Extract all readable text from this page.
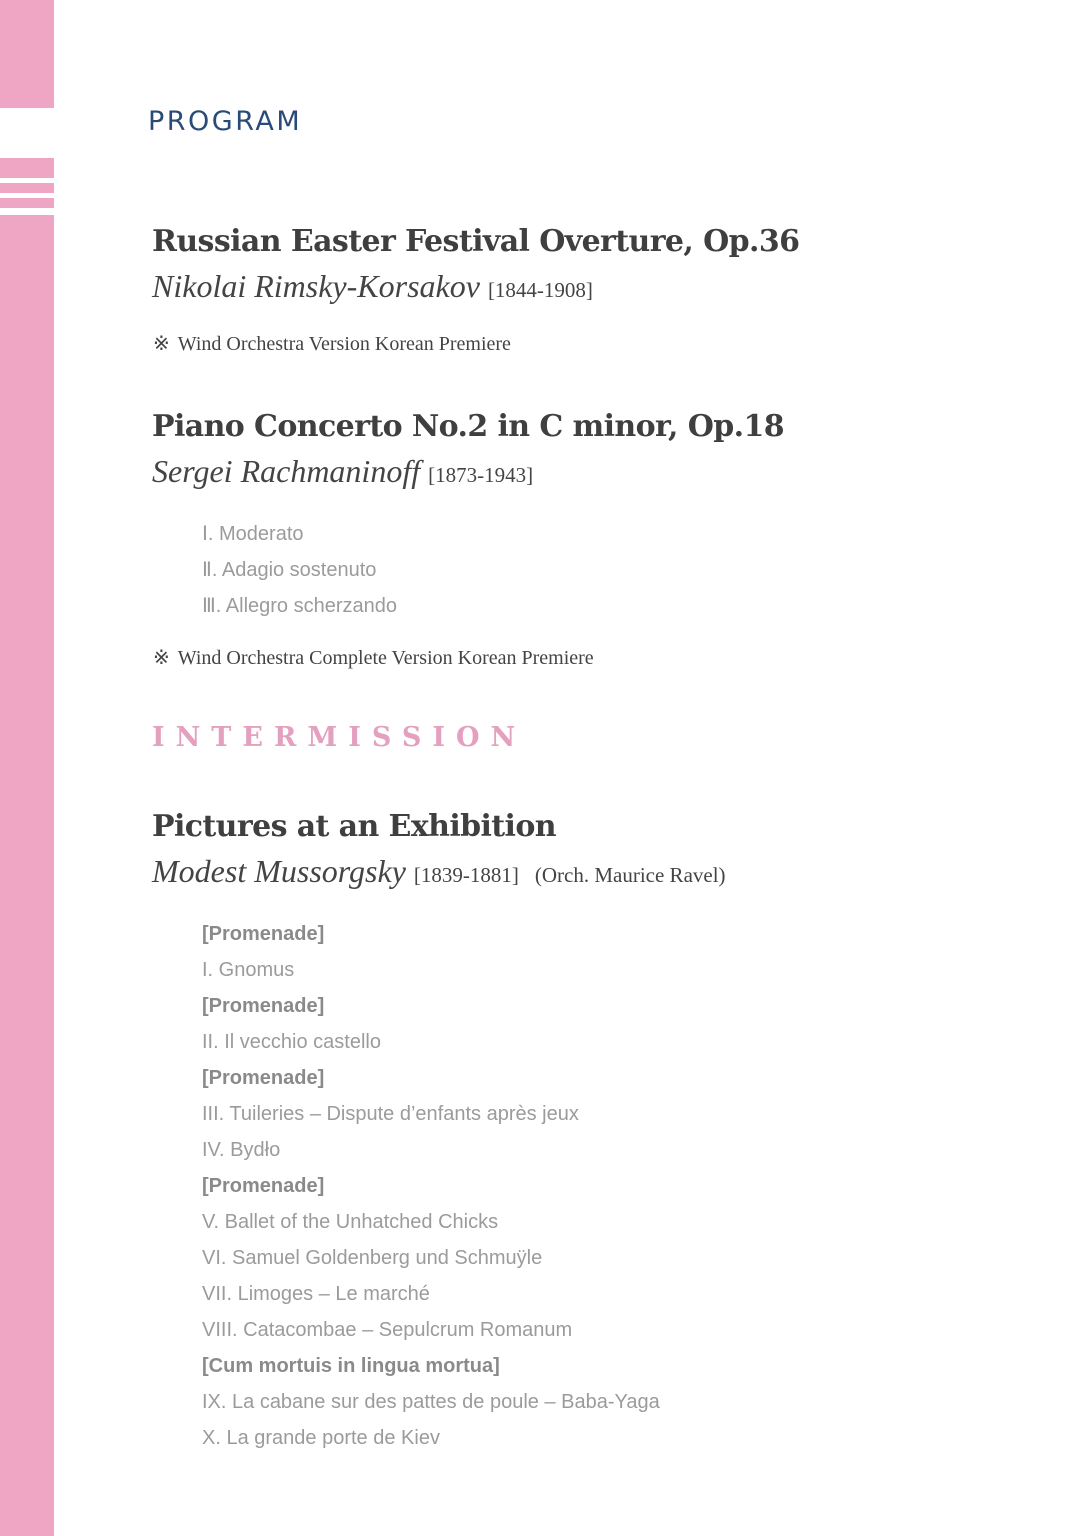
PROGRAM
Russian Easter Festival Overture, Op.36
Nikolai Rimsky-Korsakov [1844-1908]
※ Wind Orchestra Version Korean Premiere
Piano Concerto No.2 in C minor, Op.18
Sergei Rachmaninoff [1873-1943]
Ⅰ. Moderato
Ⅱ. Adagio sostenuto
Ⅲ. Allegro scherzando
※ Wind Orchestra Complete Version Korean Premiere
INTERMISSION
Pictures at an Exhibition
Modest Mussorgsky [1839-1881] (Orch. Maurice Ravel)
[Promenade]
I. Gnomus
[Promenade]
II. Il vecchio castello
[Promenade]
III. Tuileries – Dispute d’enfants après jeux
IV. Bydło
[Promenade]
V. Ballet of the Unhatched Chicks
VI. Samuel Goldenberg und Schmuÿle
VII. Limoges – Le marché
VIII. Catacombae – Sepulcrum Romanum
[Cum mortuis in lingua mortua]
IX. La cabane sur des pattes de poule – Baba-Yaga
X. La grande porte de Kiev
